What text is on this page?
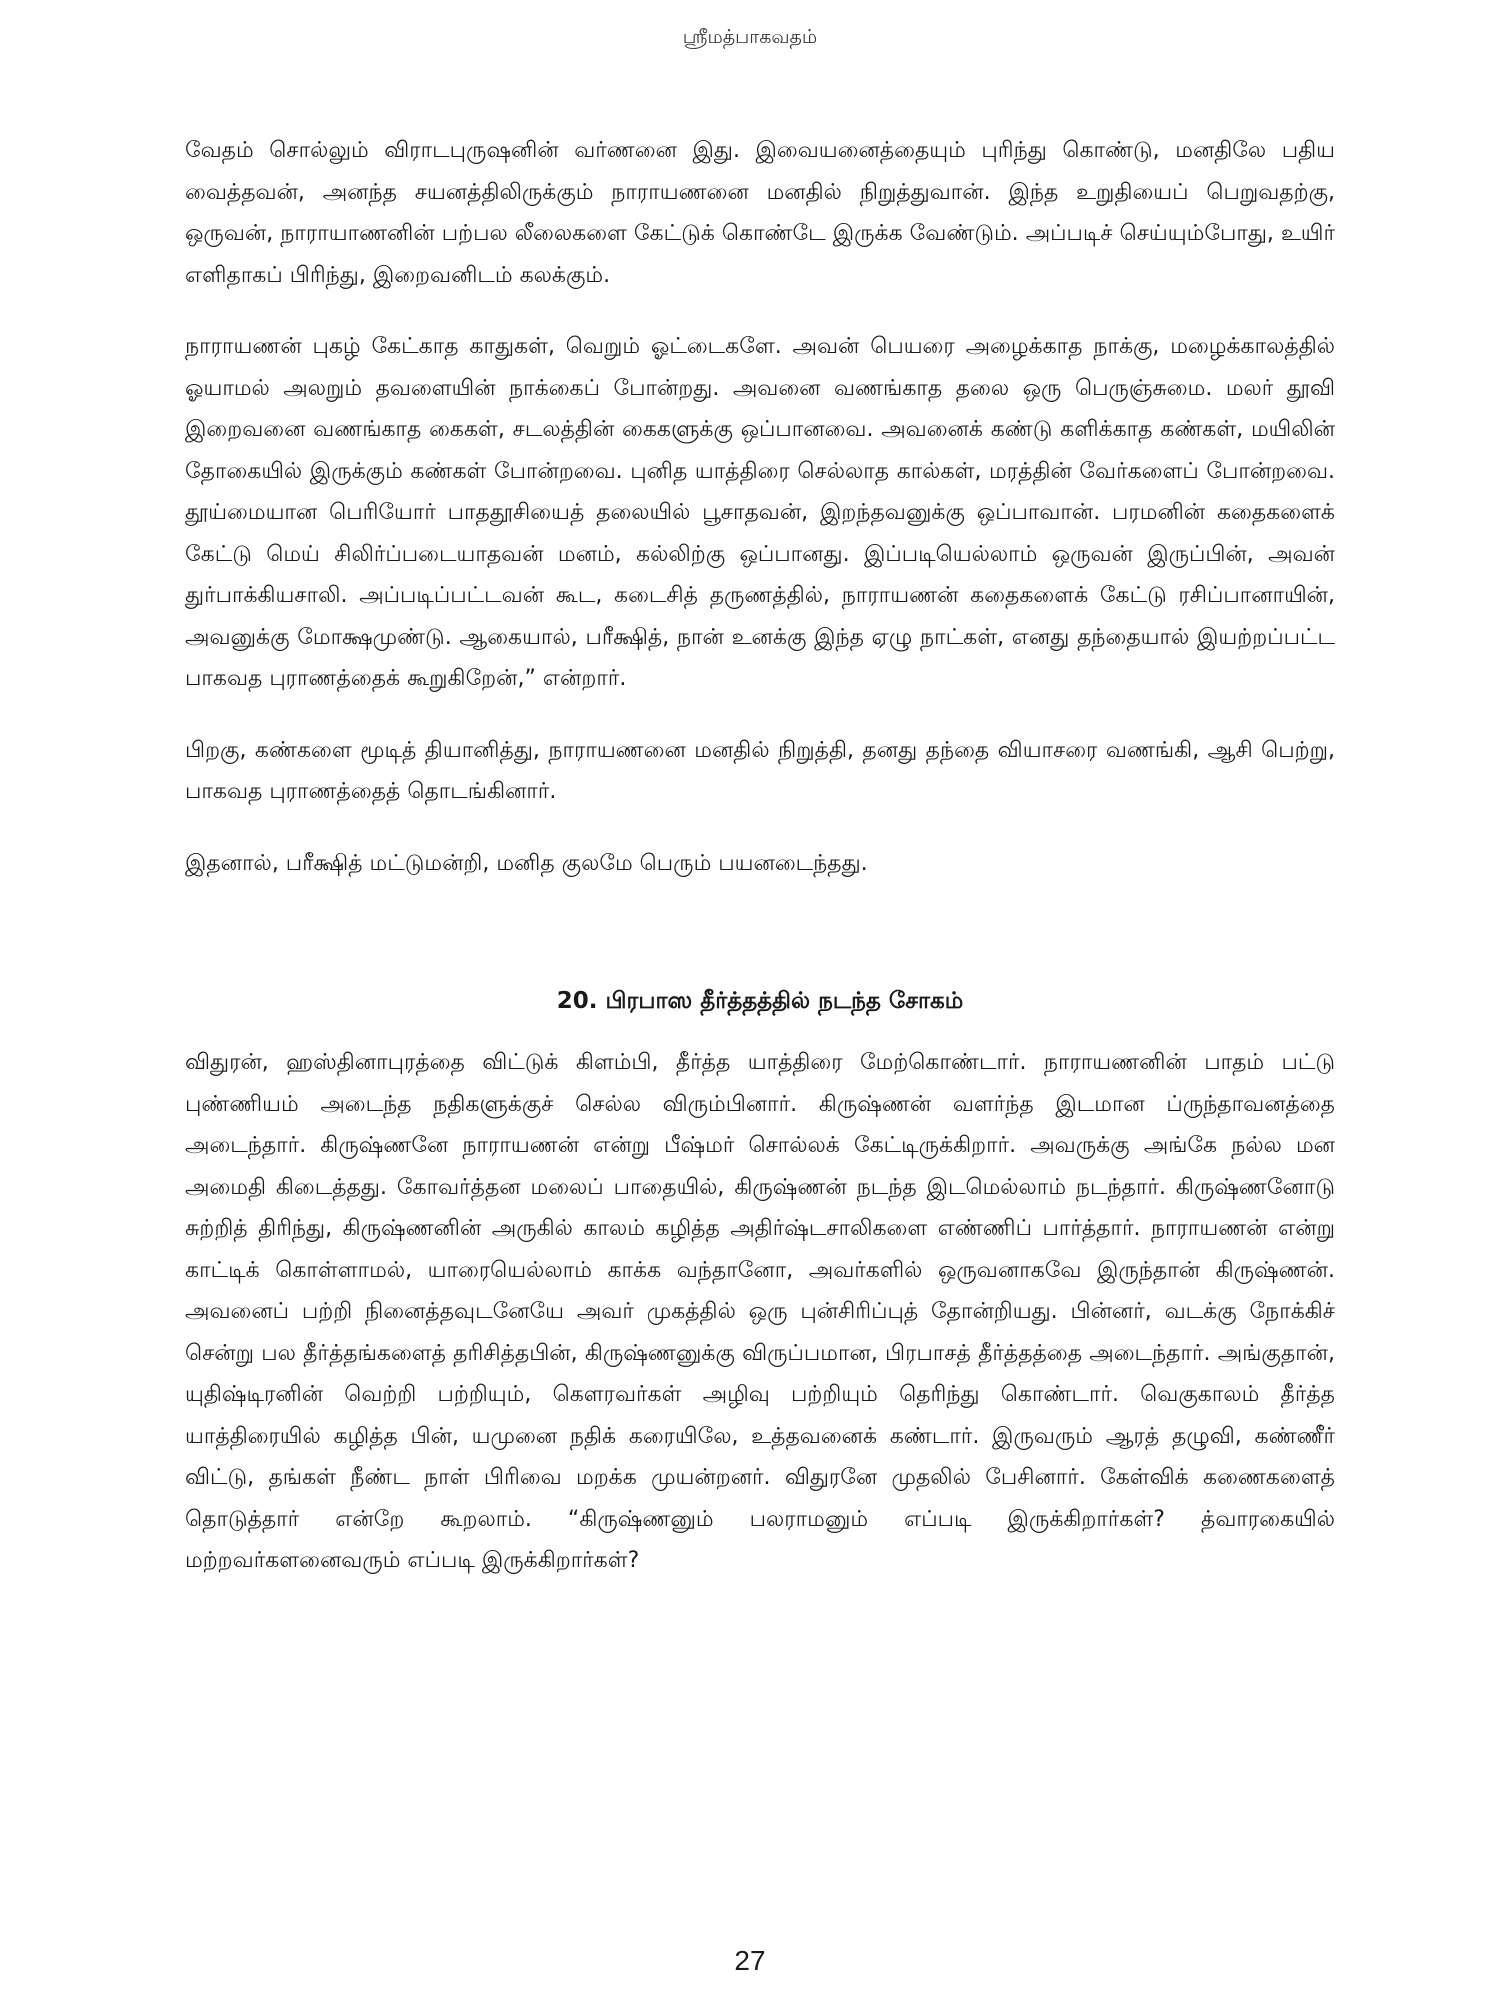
ஸ்ரீமத்பாகவதம்

வேதம் சொல்லும் விராடபுருஷனின் வர்ணனை இது. இவையனைத்தையும் புரிந்து கொண்டு, மனதிலே பதிய வைத்தவன், அனந்த சயனத்திலிருக்கும் நாராயணனை மனதில் நிறுத்துவான். இந்த உறுதியைப் பெறுவதற்கு, ஒருவன், நாராயாணனின் பற்பல லீலைகளை கேட்டுக் கொண்டே இருக்க வேண்டும். அப்படிச் செய்யும்போது, உயிர் எளிதாகப் பிரிந்து, இறைவனிடம் கலக்கும்.

நாராயணன் புகழ் கேட்காத காதுகள், வெறும் ஓட்டைகளே. அவன் பெயரை அழைக்காத நாக்கு, மழைக்காலத்தில் ஓயாமல் அலறும் தவளையின் நாக்கைப் போன்றது. அவனை வணங்காத தலை ஒரு பெருஞ்சுமை. மலர் தூவி இறைவனை வணங்காத கைகள், சடலத்தின் கைகளுக்கு ஒப்பானவை. அவனைக் கண்டு களிக்காத கண்கள், மயிலின் தோகையில் இருக்கும் கண்கள் போன்றவை. புனித யாத்திரை செல்லாத கால்கள், மரத்தின் வேர்களைப் போன்றவை. தூய்மையான பெரியோர் பாததூசியைத் தலையில் பூசாதவன், இறந்தவனுக்கு ஒப்பாவான். பரமனின் கதைகளைக் கேட்டு மெய் சிலிர்ப்படையாதவன் மனம், கல்லிற்கு ஒப்பானது. இப்படியெல்லாம் ஒருவன் இருப்பின், அவன் துர்பாக்கியசாலி. அப்படிப்பட்டவன் கூட, கடைசித் தருணத்தில், நாராயணன் கதைகளைக் கேட்டு ரசிப்பானாயின், அவனுக்கு மோக்ஷமுண்டு. ஆகையால், பரீக்ஷித், நான் உனக்கு இந்த ஏழு நாட்கள், எனது தந்தையால் இயற்றப்பட்ட பாகவத புராணத்தைக் கூறுகிறேன்,” என்றார்.

பிறகு, கண்களை மூடித் தியானித்து, நாராயணனை மனதில் நிறுத்தி, தனது தந்தை வியாசரை வணங்கி, ஆசி பெற்று, பாகவத புராணத்தைத் தொடங்கினார்.

இதனால், பரீக்ஷித் மட்டுமன்றி, மனித குலமே பெரும் பயனடைந்தது.

20. பிரபாஸ தீர்த்தத்தில் நடந்த சோகம்

விதுரன், ஹஸ்தினாபுரத்தை விட்டுக் கிளம்பி, தீர்த்த யாத்திரை மேற்கொண்டார். நாராயணனின் பாதம் பட்டு புண்ணியம் அடைந்த நதிகளுக்குச் செல்ல விரும்பினார். கிருஷ்ணன் வளர்ந்த இடமான ப்ருந்தாவனத்தை அடைந்தார். கிருஷ்ணனே நாராயணன் என்று பீஷ்மர் சொல்லக் கேட்டிருக்கிறார். அவருக்கு அங்கே நல்ல மன அமைதி கிடைத்தது. கோவர்த்தன மலைப் பாதையில், கிருஷ்ணன் நடந்த இடமெல்லாம் நடந்தார். கிருஷ்ணனோடு சுற்றித் திரிந்து, கிருஷ்ணனின் அருகில் காலம் கழித்த அதிர்ஷ்டசாலிகளை எண்ணிப் பார்த்தார். நாராயணன் என்று காட்டிக் கொள்ளாமல், யாரையெல்லாம் காக்க வந்தானோ, அவர்களில் ஒருவனாகவே இருந்தான் கிருஷ்ணன். அவனைப் பற்றி நினைத்தவுடனேயே அவர் முகத்தில் ஒரு புன்சிரிப்புத் தோன்றியது. பின்னர், வடக்கு நோக்கிச் சென்று பல தீர்த்தங்களைத் தரிசித்தபின், கிருஷ்ணனுக்கு விருப்பமான, பிரபாசத் தீர்த்தத்தை அடைந்தார். அங்குதான், யுதிஷ்டிரனின் வெற்றி பற்றியும், கௌரவர்கள் அழிவு பற்றியும் தெரிந்து கொண்டார். வெகுகாலம் தீர்த்த யாத்திரையில் கழித்த பின், யமுனை நதிக் கரையிலே, உத்தவனைக் கண்டார். இருவரும் ஆரத் தழுவி, கண்ணீர் விட்டு, தங்கள் நீண்ட நாள் பிரிவை மறக்க முயன்றனர். விதுரனே முதலில் பேசினார். கேள்விக் கணைகளைத் தொடுத்தார் என்றே கூறலாம். “கிருஷ்ணனும் பலராமனும் எப்படி இருக்கிறார்கள்? த்வாரகையில் மற்றவர்களனைவரும் எப்படி இருக்கிறார்கள்?

27
